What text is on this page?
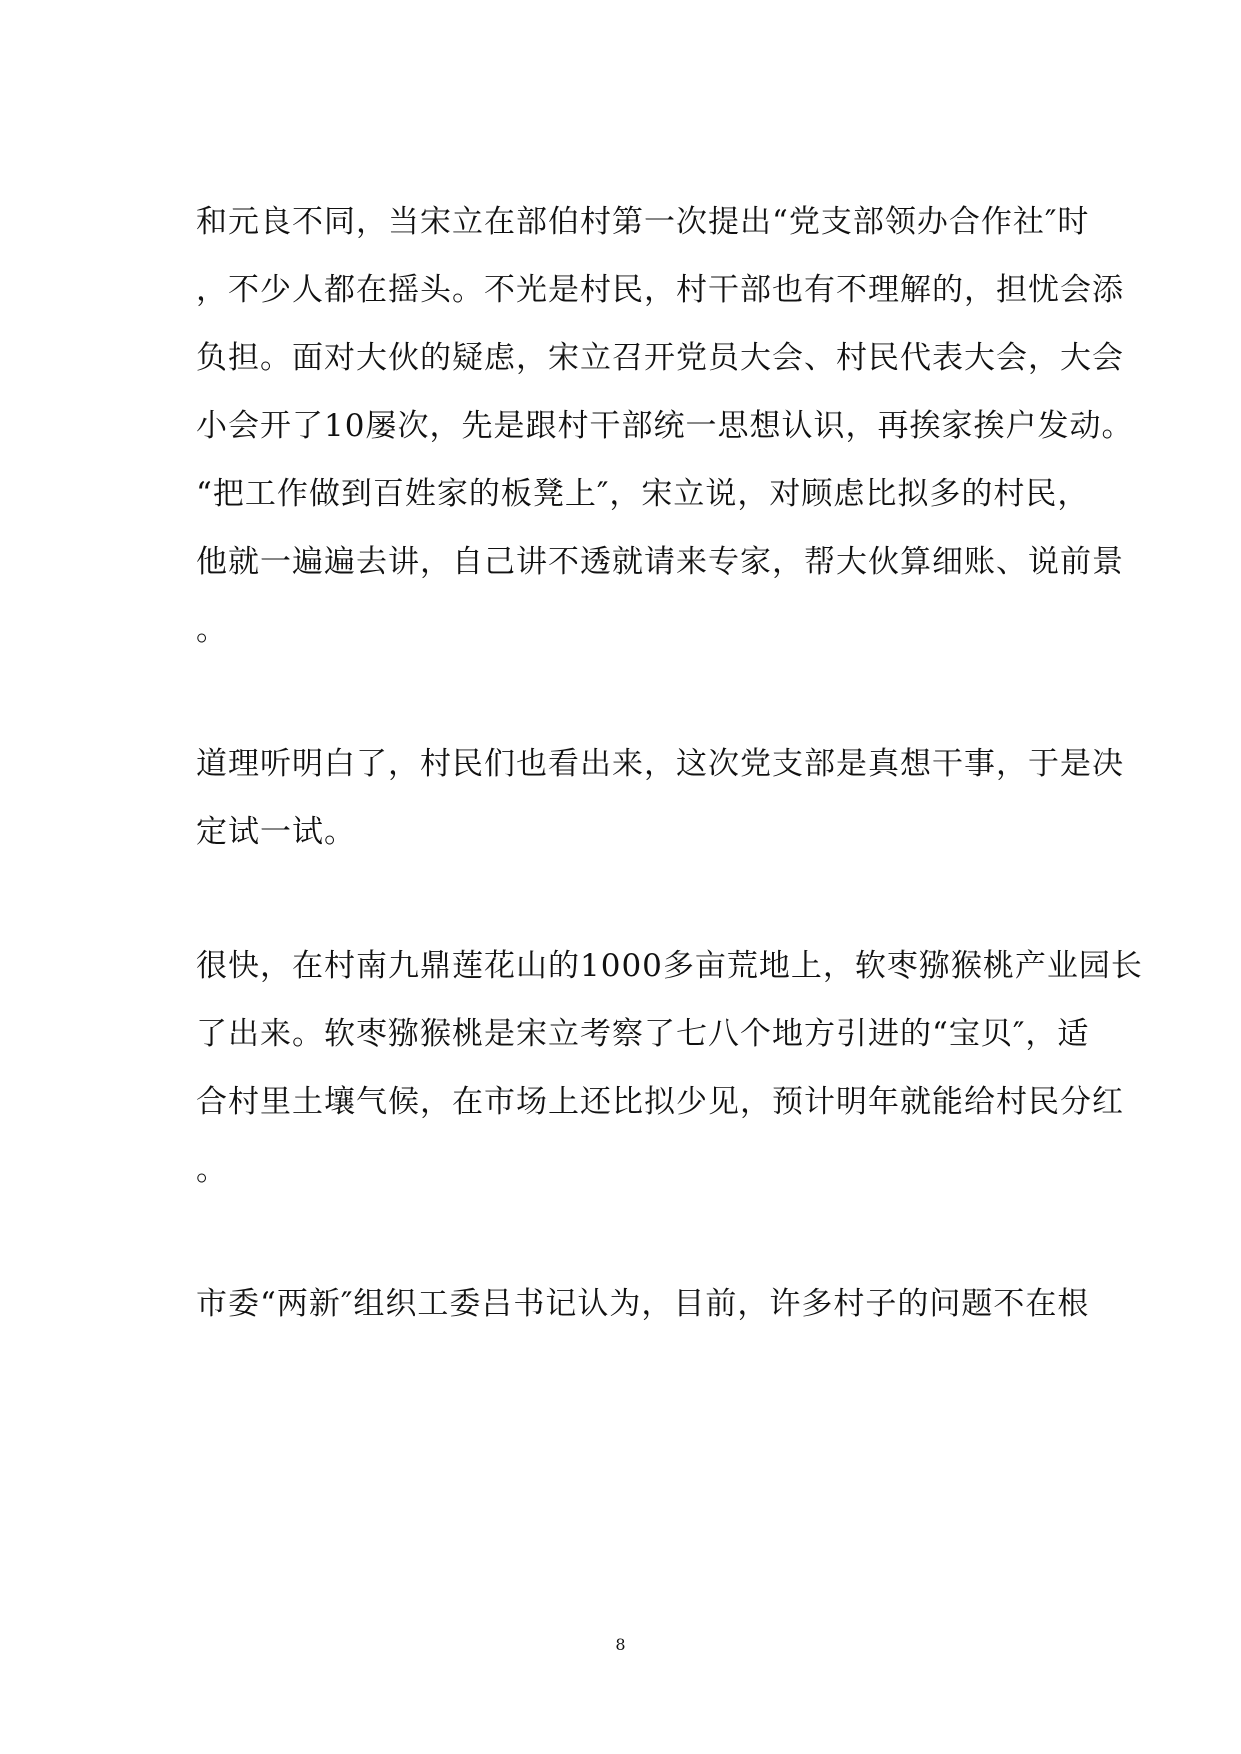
和元良不同，当宋立在部伯村第一次提出“党支部领办合作社″时
，不少人都在摇头。不光是村民，村干部也有不理解的，担忧会添
负担。面对大伙的疑虑，宋立召开党员大会、村民代表大会，大会
小会开了10屡次，先是跟村干部统一思想认识，再挨家挨户发动。
“把工作做到百姓家的板凳上″，宋立说，对顾虑比拟多的村民，
他就一遍遍去讲，自己讲不透就请来专家，帮大伙算细账、说前景
。
道理听明白了，村民们也看出来，这次党支部是真想干事，于是决
定试一试。
很快，在村南九鼎莲花山的1000多亩荒地上，软枣猕猴桃产业园长
了出来。软枣猕猴桃是宋立考察了七八个地方引进的“宝贝″，适
合村里土壤气候，在市场上还比拟少见，预计明年就能给村民分红
。
市委“两新″组织工委吕书记认为，目前，许多村子的问题不在根
8
